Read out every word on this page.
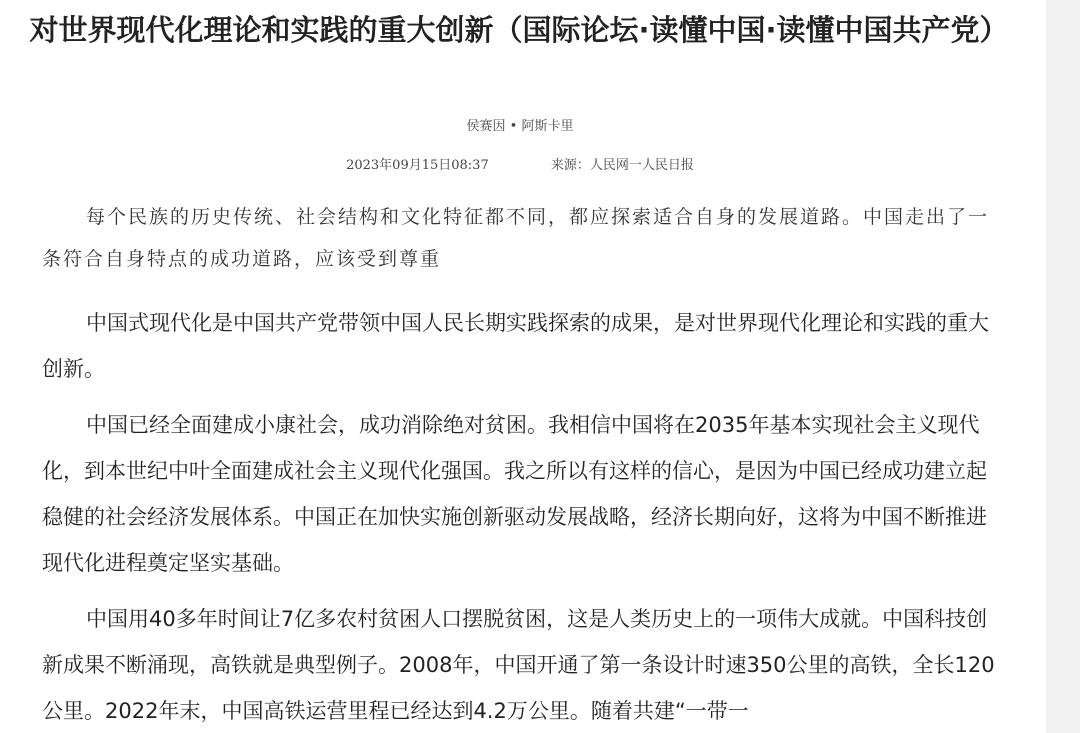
对世界现代化理论和实践的重大创新（国际论坛·读懂中国·读懂中国共产党）
侯赛因 • 阿斯卡里
2023年09月15日08:37	来源：人民网一人民日报

每个民族的历史传统、社会结构和文化特征都不同，都应探索适合自身的发展道路。中国走出了一条符合自身特点的成功道路，应该受到尊重

中国式现代化是中国共产党带领中国人民长期实践探索的成果，是对世界现代化理论和实践的重大创新。

中国已经全面建成小康社会，成功消除绝对贫困。我相信中国将在2035年基本实现社会主义现代化，到本世纪中叶全面建成社会主义现代化强国。我之所以有这样的信心，是因为中国已经成功建立起稳健的社会经济发展体系。中国正在加快实施创新驱动发展战略，经济长期向好，这将为中国不断推进现代化进程奠定坚实基础。

中国用40多年时间让7亿多农村贫困人口摆脱贫困，这是人类历史上的一项伟大成就。中国科技创新成果不断涌现，高铁就是典型例子。2008年，中国开通了第一条设计时速350公里的高铁，全长120公里。2022年末，中国高铁运营里程已经达到4.2万公里。随着共建“一带一
